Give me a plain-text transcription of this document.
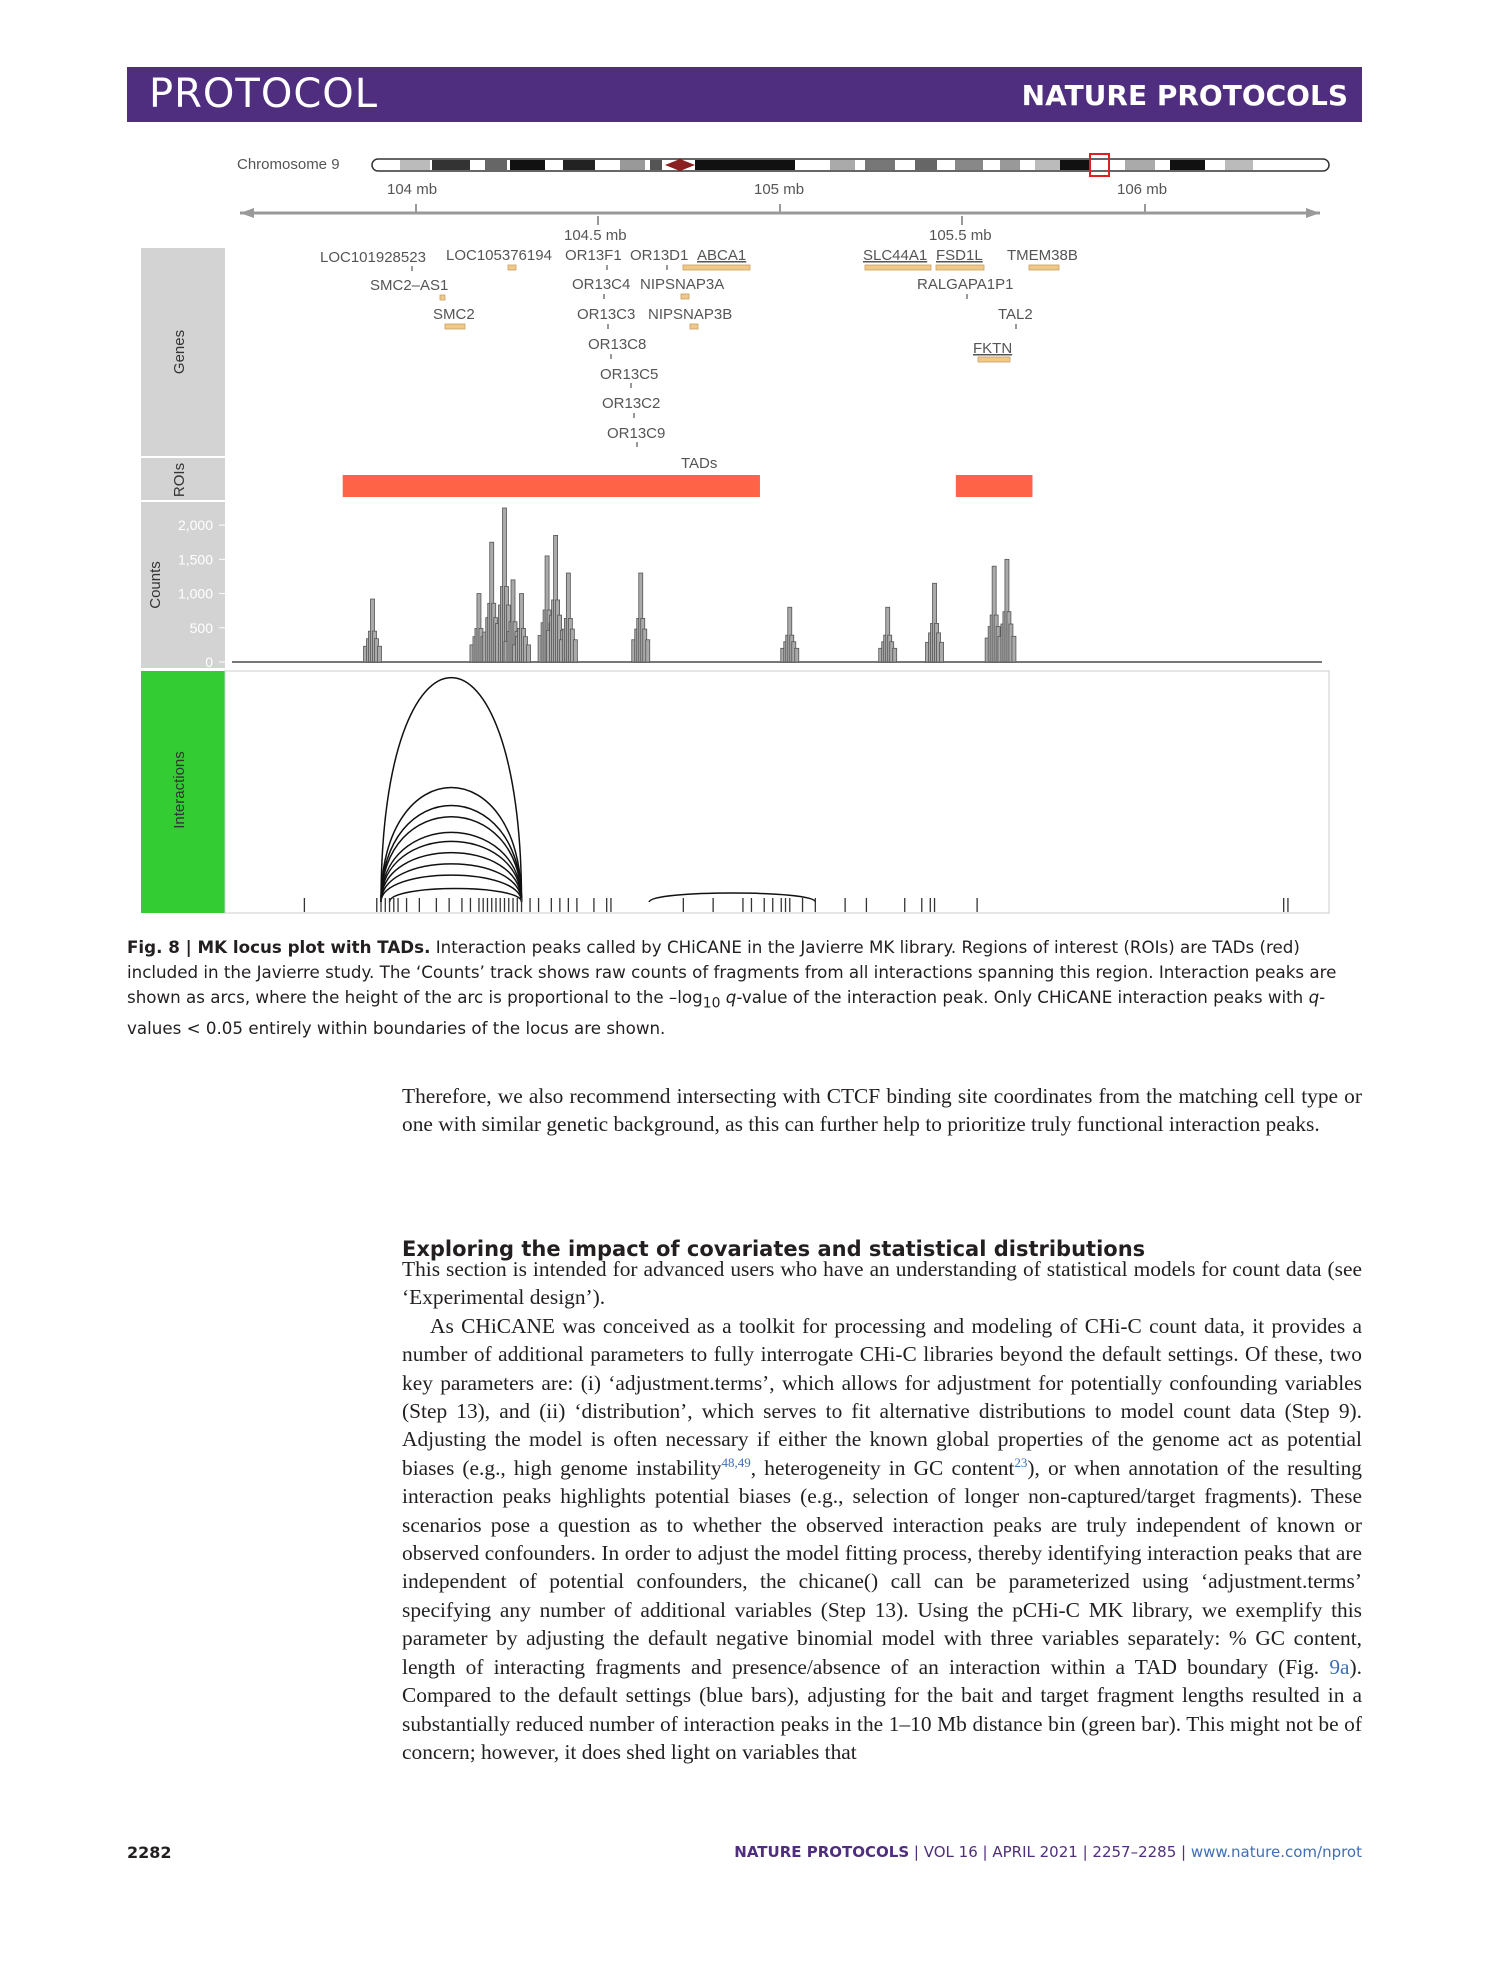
PROTOCOL	NATURE PROTOCOLS
Chromosome 9
104 mb	105 mb	106 mb
104.5 mb	105.5 mb
Genes
ROIs
Counts
Interactions
LOC101928523 LOC105376194 OR13F1 OR13D1 ABCA1
SMC2–AS1	OR13C4 NIPSNAP3A
SMC2	OR13C3 NIPSNAP3B
OR13C8
OR13C5
OR13C2
OR13C9
SLC44A1 FSD1L TMEM38B
RALGAPA1P1
TAL2
FKTN
TADs
0
500
1,000
1,500
2,000
Fig. 8 | MK locus plot with TADs. Interaction peaks called by CHiCANE in the Javierre MK library. Regions of interest (ROIs) are TADs (red) included in the Javierre study. The ‘Counts’ track shows raw counts of fragments from all interactions spanning this region. Interaction peaks are shown as arcs, where the height of the arc is proportional to the $-\log_{10}$ q-value of the interaction peak. Only CHiCANE interaction peaks with q-values < 0.05 entirely within boundaries of the locus are shown.

Therefore, we also recommend intersecting with CTCF binding site coordinates from the matching cell type or one with similar genetic background, as this can further help to prioritize truly functional interaction peaks.

Exploring the impact of covariates and statistical distributions

This section is intended for advanced users who have an understanding of statistical models for count data (see ‘Experimental design’).

As CHiCANE was conceived as a toolkit for processing and modeling of CHi-C count data, it provides a number of additional parameters to fully interrogate CHi-C libraries beyond the default settings. Of these, two key parameters are: (i) ‘adjustment.terms’, which allows for adjustment for potentially confounding variables (Step 13), and (ii) ‘distribution’, which serves to fit alternative distributions to model count data (Step 9). Adjusting the model is often necessary if either the known global properties of the genome act as potential biases (e.g., high genome instability$^{48,49}$, heterogeneity in GC content$^{23}$), or when annotation of the resulting interaction peaks highlights potential biases (e.g., selection of longer non-captured/target fragments). These scenarios pose a question as to whether the observed interaction peaks are truly independent of known or observed confounders. In order to adjust the model fitting process, thereby identifying interaction peaks that are independent of potential confounders, the chicane() call can be parameterized using ‘adjustment.terms’ specifying any number of additional variables (Step 13). Using the pCHi-C MK library, we exemplify this parameter by adjusting the default negative binomial model with three variables separately: % GC content, length of interacting fragments and presence/absence of an interaction within a TAD boundary (Fig. 9a). Compared to the default settings (blue bars), adjusting for the bait and target fragment lengths resulted in a substantially reduced number of interaction peaks in the 1–10 Mb distance bin (green bar). This might not be of concern; however, it does shed light on variables that

2282	NATURE PROTOCOLS | VOL 16 | APRIL 2021 | 2257–2285 | www.nature.com/nprot
